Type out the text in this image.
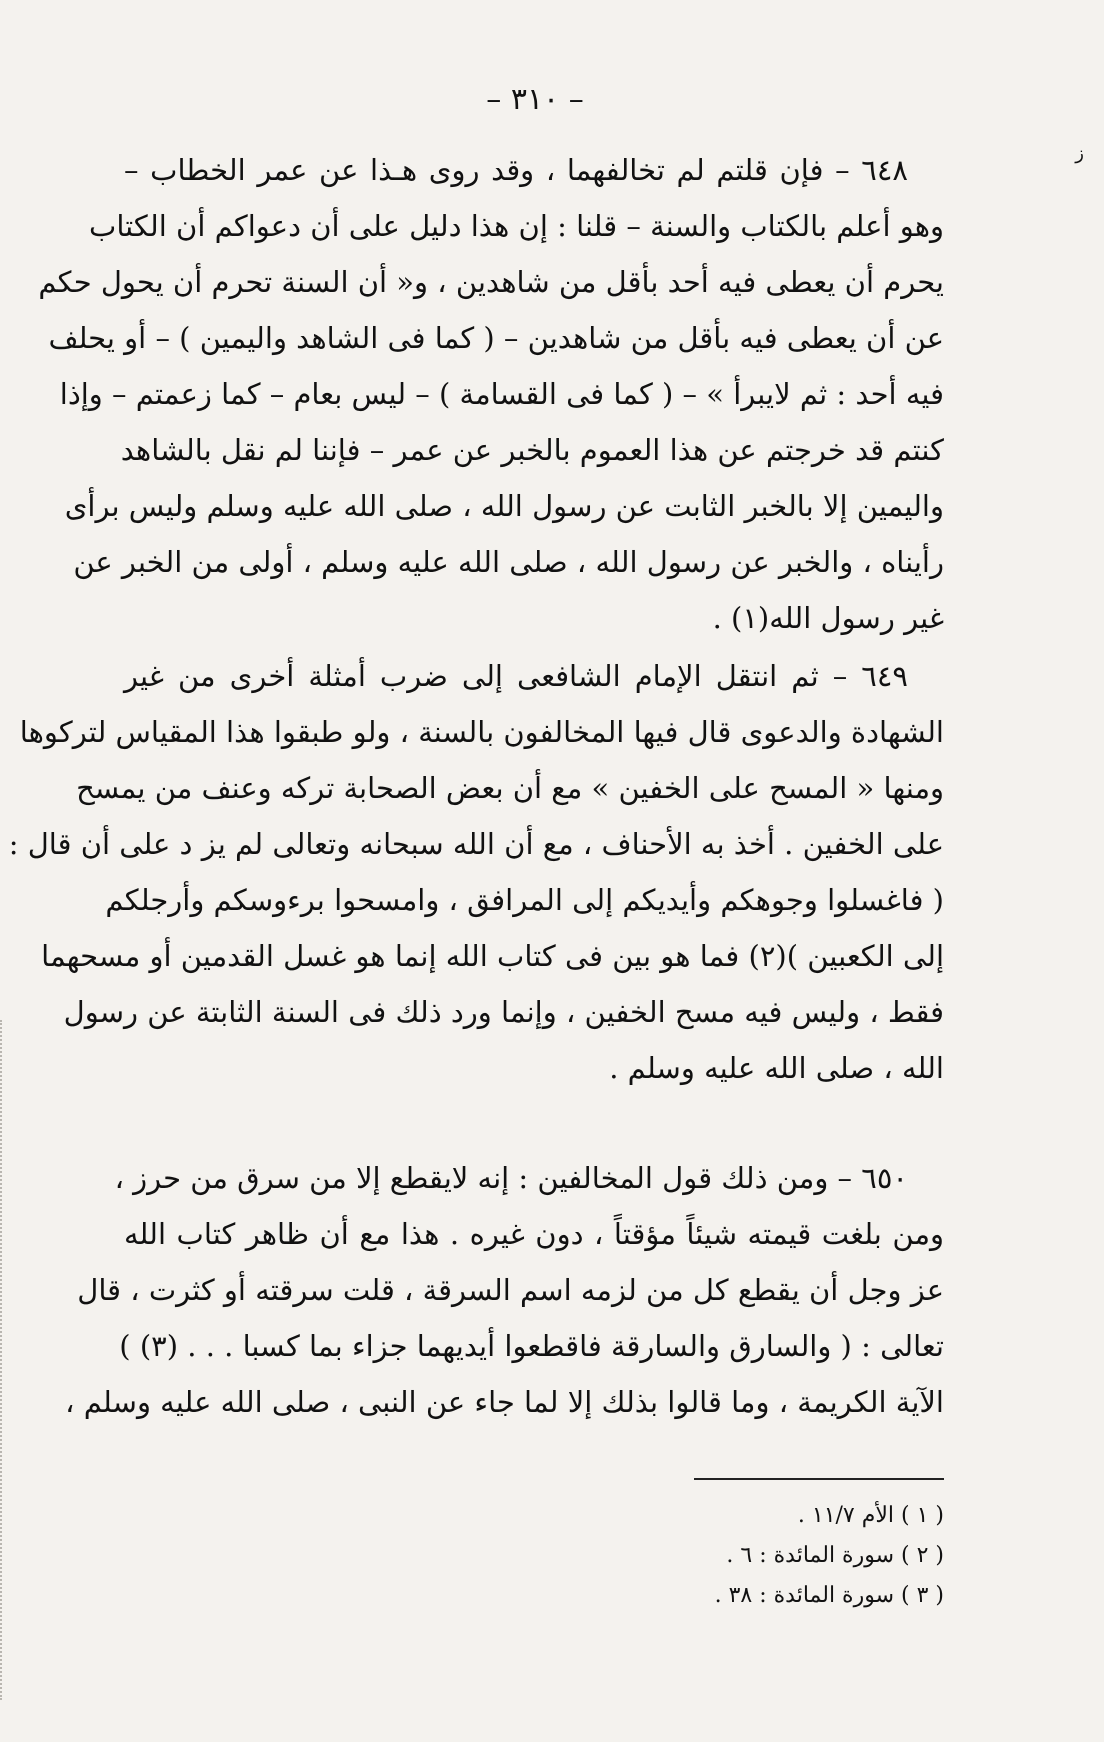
– ٣١٠ –
ز
٦٤٨ – فإن قلتم لم تخالفهما ، وقد روى هـذا عن عمر الخطاب –
وهو أعلم بالكتاب والسنة – قلنا : إن هذا دليل على أن دعواكم أن الكتاب
يحرم أن يعطى فيه أحد بأقل من شاهدين ، و« أن السنة تحرم أن يحول حكم
عن أن يعطى فيه بأقل من شاهدين – ( كما فى الشاهد واليمين ) – أو يحلف
فيه أحد : ثم لايبرأ » – ( كما فى القسامة ) – ليس بعام – كما زعمتم – وإذا
كنتم قد خرجتم عن هذا العموم بالخبر عن عمر – فإننا لم نقل بالشاهد
واليمين إلا بالخبر الثابت عن رسول الله ، صلى الله عليه وسلم وليس برأى
رأيناه ، والخبر عن رسول الله ، صلى الله عليه وسلم ، أولى من الخبر عن
غير رسول الله(١) .
٦٤٩ – ثم انتقل الإمام الشافعى إلى ضرب أمثلة أخرى من غير
الشهادة والدعوى قال فيها المخالفون بالسنة ، ولو طبقوا هذا المقياس لتركوها
ومنها « المسح على الخفين » مع أن بعض الصحابة تركه وعنف من يمسح
على الخفين . أخذ به الأحناف ، مع أن الله سبحانه وتعالى لم يز د على أن قال :
( فاغسلوا وجوهكم وأيديكم إلى المرافق ، وامسحوا برءوسكم وأرجلكم
إلى الكعبين )(٢) فما هو بين فى كتاب الله إنما هو غسل القدمين أو مسحهما
فقط ، وليس فيه مسح الخفين ، وإنما ورد ذلك فى السنة الثابتة عن رسول
الله ، صلى الله عليه وسلم .
٦٥٠ – ومن ذلك قول المخالفين : إنه لايقطع إلا من سرق من حرز ،
ومن بلغت قيمته شيئاً مؤقتاً ، دون غيره . هذا مع أن ظاهر كتاب الله
عز وجل أن يقطع كل من لزمه اسم السرقة ، قلت سرقته أو كثرت ، قال
تعالى : ( والسارق والسارقة فاقطعوا أيديهما جزاء بما كسبا . . . (٣) )
الآية الكريمة ، وما قالوا بذلك إلا لما جاء عن النبى ، صلى الله عليه وسلم ،
( ١ ) الأم ١١/٧ .
( ٢ ) سورة المائدة : ٦ .
( ٣ ) سورة المائدة : ٣٨ .
